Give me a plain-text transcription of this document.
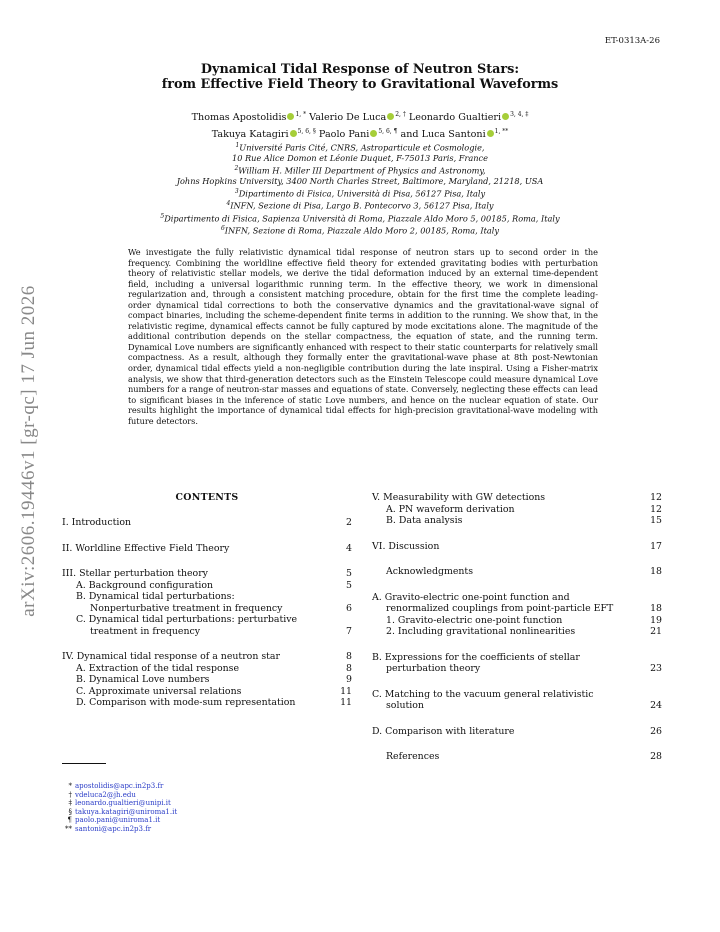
ET-0313A-26
arXiv:2606.19446v1 [gr-qc] 17 Jun 2026
Dynamical Tidal Response of Neutron Stars:
from Effective Field Theory to Gravitational Waveforms
Thomas Apostolidis $^{1, *}$ Valerio De Luca $^{2, \dagger}$ Leonardo Gualtieri $^{3, 4, \ddagger}$
Takuya Katagiri $^{5, 6, \S}$ Paolo Pani $^{5, 6, \P}$ and Luca Santoni $^{1, **}$
$^1$Université Paris Cité, CNRS, Astroparticule et Cosmologie,
10 Rue Alice Domon et Léonie Duquet, F-75013 Paris, France
$^2$William H. Miller III Department of Physics and Astronomy,
Johns Hopkins University, 3400 North Charles Street, Baltimore, Maryland, 21218, USA
$^3$Dipartimento di Fisica, Università di Pisa, 56127 Pisa, Italy
$^4$INFN, Sezione di Pisa, Largo B. Pontecorvo 3, 56127 Pisa, Italy
$^5$Dipartimento di Fisica, Sapienza Università di Roma, Piazzale Aldo Moro 5, 00185, Roma, Italy
$^6$INFN, Sezione di Roma, Piazzale Aldo Moro 2, 00185, Roma, Italy
We investigate the fully relativistic dynamical tidal response of neutron stars up to second order in the frequency. Combining the worldline effective field theory for extended gravitating bodies with perturbation theory of relativistic stellar models, we derive the tidal deformation induced by an external time-dependent field, including a universal logarithmic running term. In the effective theory, we work in dimensional regularization and, through a consistent matching procedure, obtain for the first time the complete leading-order dynamical tidal corrections to both the conservative dynamics and the gravitational-wave signal of compact binaries, including the scheme-dependent finite terms in addition to the running. We show that, in the relativistic regime, dynamical effects cannot be fully captured by mode excitations alone. The magnitude of the additional contribution depends on the stellar compactness, the equation of state, and the running term. Dynamical Love numbers are significantly enhanced with respect to their static counterparts for relatively small compactness. As a result, although they formally enter the gravitational-wave phase at 8th post-Newtonian order, dynamical tidal effects yield a non-negligible contribution during the late inspiral. Using a Fisher-matrix analysis, we show that third-generation detectors such as the Einstein Telescope could measure dynamical Love numbers for a range of neutron-star masses and equations of state. Conversely, neglecting these effects can lead to significant biases in the inference of static Love numbers, and hence on the nuclear equation of state. Our results highlight the importance of dynamical tidal effects for high-precision gravitational-wave modeling with future detectors.
CONTENTS
I. Introduction	2
II. Worldline Effective Field Theory	4
III. Stellar perturbation theory	5
A. Background configuration	5
B. Dynamical tidal perturbations:
Nonperturbative treatment in frequency	6
C. Dynamical tidal perturbations: perturbative
treatment in frequency	7
IV. Dynamical tidal response of a neutron star	8
A. Extraction of the tidal response	8
B. Dynamical Love numbers	9
C. Approximate universal relations	11
D. Comparison with mode-sum representation	11
V. Measurability with GW detections	12
A. PN waveform derivation	12
B. Data analysis	15
VI. Discussion	17
Acknowledgments	18
A. Gravito-electric one-point function and
renormalized couplings from point-particle EFT	18
1. Gravito-electric one-point function	19
2. Including gravitational nonlinearities	21
B. Expressions for the coefficients of stellar
perturbation theory	23
C. Matching to the vacuum general relativistic
solution	24
D. Comparison with literature	26
References	28
* apostolidis@apc.in2p3.fr
† vdeluca2@jh.edu
‡ leonardo.gualtieri@unipi.it
§ takuya.katagiri@uniroma1.it
¶ paolo.pani@uniroma1.it
** santoni@apc.in2p3.fr
